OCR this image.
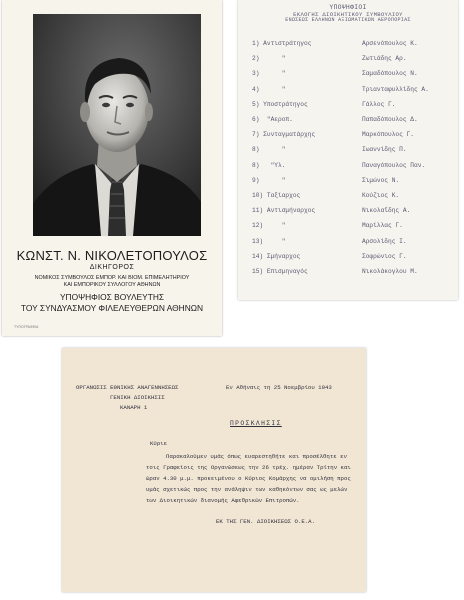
ΚΩΝΣΤ. Ν. ΝΙΚΟΛΕΤΟΠΟΥΛΟΣ
ΔΙΚΗΓΟΡΟΣ
ΝΟΜΙΚΟΣ ΣΥΜΒΟΥΛΟΣ ΕΜΠΟΡ. ΚΑΙ ΒΙΟΜ. ΕΠΙΜΕΛΗΤΗΡΙΟΥ
ΚΑΙ ΕΜΠΟΡΙΚΟΥ ΣΥΛΛΟΓΟΥ ΑΘΗΝΩΝ
ΥΠΟΨΗΦΙΟΣ ΒΟΥΛΕΥΤΗΣ
ΤΟΥ ΣΥΝΔΥΑΣΜΟΥ ΦΙΛΕΛΕΥΘΕΡΩΝ ΑΘΗΝΩΝ
ΤΥΠΟΓΡΑΦΕΙΑ
ΥΠΟΨΗΦΙΟΙ
ΕΚΛΟΓΗΣ ΔΙΟΙΚΗΤΙΚΟΥ ΣΥΜΒΟΥΛΙΟΥ
ΕΝΩΣΕΩΣ ΕΛΛΗΝΩΝ ΑΞΙΩΜΑΤΙΚΩΝ ΑΕΡΟΠΟΡΙΑΣ
1) Αντιστράτηγος	Αρσενόπουλος Κ.
2)      "	Ζωτιάδης Αρ.
3)      "	Σαμαδόπουλος Ν.
4)      "	Τριανταφυλλίδης Α.
5) Υποστράτηγος	Γάλλος Γ.
6)  "Αεροπ.	Παπαδόπουλος Δ.
7) Συνταγματάρχης	Μαρκόπουλος Γ.
8)      "	Ιωαννίδης Π.
8)   "Υλ.	Παναγόπουλος Παν.
9)      "	Σιμώνος Ν.
10) Ταξίαρχος	Κούζιος Κ.
11) Αντισμήναρχος	Νικολαΐδης Α.
12)     "	Μαρίλλας Γ.
13)     "	Αρσολίδης Ι.
14) Σμήναρχος	Σοφρώνιος Γ.
15) Επισμηναγός	Νικολάκογλου Μ.
ΟΡΓΑΝΩΣΙΣ ΕΘΝΙΚΗΣ ΑΝΑΓΕΝΝΗΣΕΩΣ
ΓΕΝΙΚΗ ΔΙΟΙΚΗΣΙΣ
ΚΑΝΑΡΗ 1
Εν Αθήναις τη 25 Νοεμβρίου 1943
ΠΡΟΣΚΛΗΣΙΣ
Κύριε
Παρακαλούμεν υμάς όπως ευαρεστηθήτε και προσέλθητε εν
τοις Γραφείοις της Οργανώσεως την 26 τρέχ. ημέραν Τρίτην και
ώραν 4.30 μ.μ. προκειμένου ο Κύριος Κομάρχης να ομιλήση προς
υμάς σχετικώς προς την ανάληψιν των καθηκόντων σας ως μελών
των Διοικητικών διανομής Αφεθρικών Επιτροπών.
ΕΚ ΤΗΣ ΓΕΝ. ΔΙΟΙΚΗΣΕΩΣ Ο.Ε.Α.
